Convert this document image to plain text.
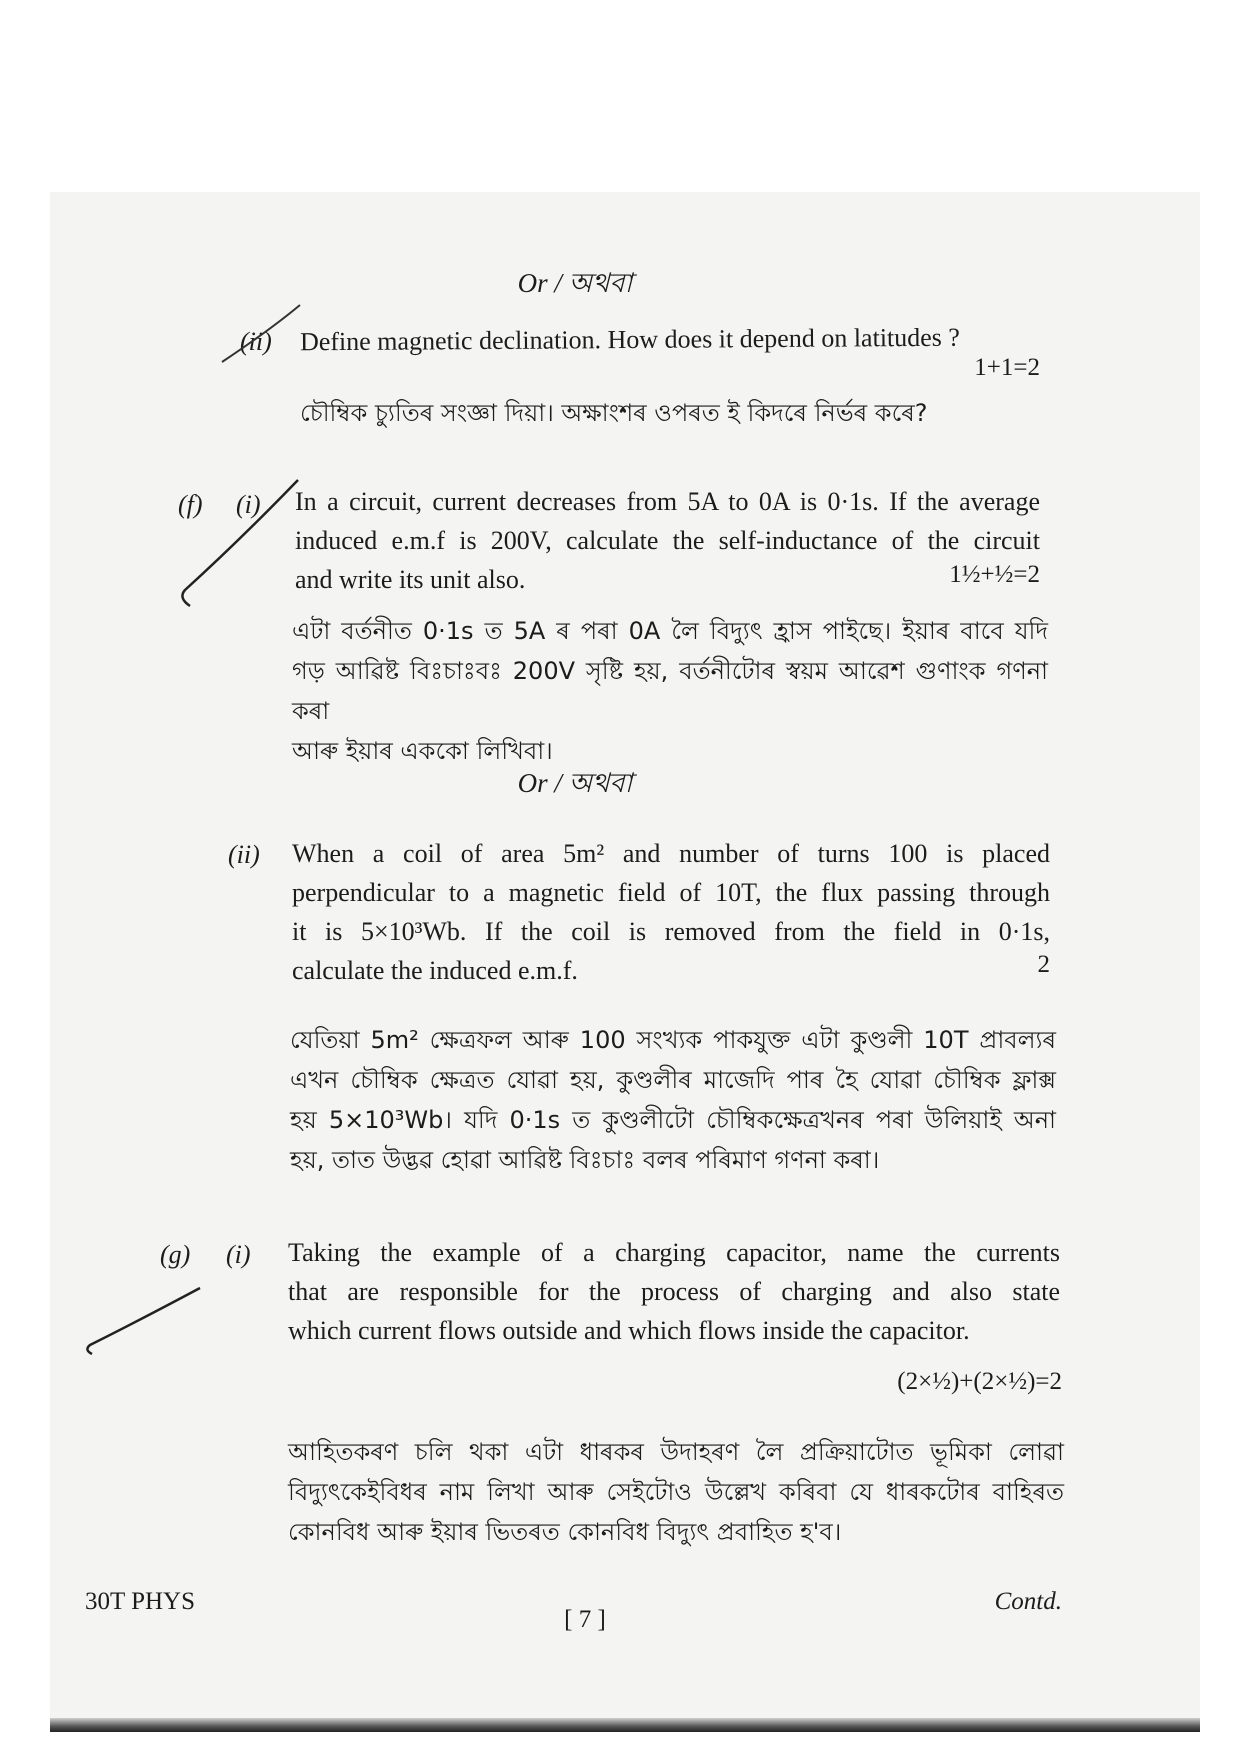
Or / অথবা
(ii) Define magnetic declination. How does it depend on latitudes ?
1+1=2
চৌম্বিক চ্যুতিৰ সংজ্ঞা দিয়া। অক্ষাংশৰ ওপৰত ই কিদৰে নিৰ্ভৰ কৰে?
(f) (i) In a circuit, current decreases from 5A to 0A is 0·1s. If the average
induced e.m.f is 200V, calculate the self-inductance of the circuit
and write its unit also.	1½+½=2
এটা বৰ্তনীত 0·1s ত 5A ৰ পৰা 0A লৈ বিদ্যুৎ হ্ৰাস পাইছে। ইয়াৰ বাবে যদি
গড় আৱিষ্ট বিঃচাঃবঃ 200V সৃষ্টি হয়, বৰ্তনীটোৰ স্বয়ম আৱেশ গুণাংক গণনা কৰা
আৰু ইয়াৰ এককো লিখিবা।
Or / অথবা
(ii) When a coil of area 5m² and number of turns 100 is placed
perpendicular to a magnetic field of 10T, the flux passing through
it is 5×10³Wb. If the coil is removed from the field in 0·1s,
calculate the induced e.m.f.	2
যেতিয়া 5m² ক্ষেত্ৰফল আৰু 100 সংখ্যক পাকযুক্ত এটা কুণ্ডলী 10T প্ৰাবল্যৰ
এখন চৌম্বিক ক্ষেত্ৰত যোৱা হয়, কুণ্ডলীৰ মাজেদি পাৰ হৈ যোৱা চৌম্বিক ফ্লাক্স
হয় 5×10³Wb। যদি 0·1s ত কুণ্ডলীটো চৌম্বিকক্ষেত্ৰখনৰ পৰা উলিয়াই অনা
হয়, তাত উদ্ভৱ হোৱা আৱিষ্ট বিঃচাঃ বলৰ পৰিমাণ গণনা কৰা।
(g) (i) Taking the example of a charging capacitor, name the currents
that are responsible for the process of charging and also state
which current flows outside and which flows inside the capacitor.
(2×½)+(2×½)=2
আহিতকৰণ চলি থকা এটা ধাৰকৰ উদাহৰণ লৈ প্ৰক্ৰিয়াটোত ভূমিকা লোৱা
বিদ্যুৎকেইবিধৰ নাম লিখা আৰু সেইটোও উল্লেখ কৰিবা যে ধাৰকটোৰ বাহিৰত
কোনবিধ আৰু ইয়াৰ ভিতৰত কোনবিধ বিদ্যুৎ প্ৰবাহিত হ'ব।
30T PHYS
[ 7 ]
Contd.
